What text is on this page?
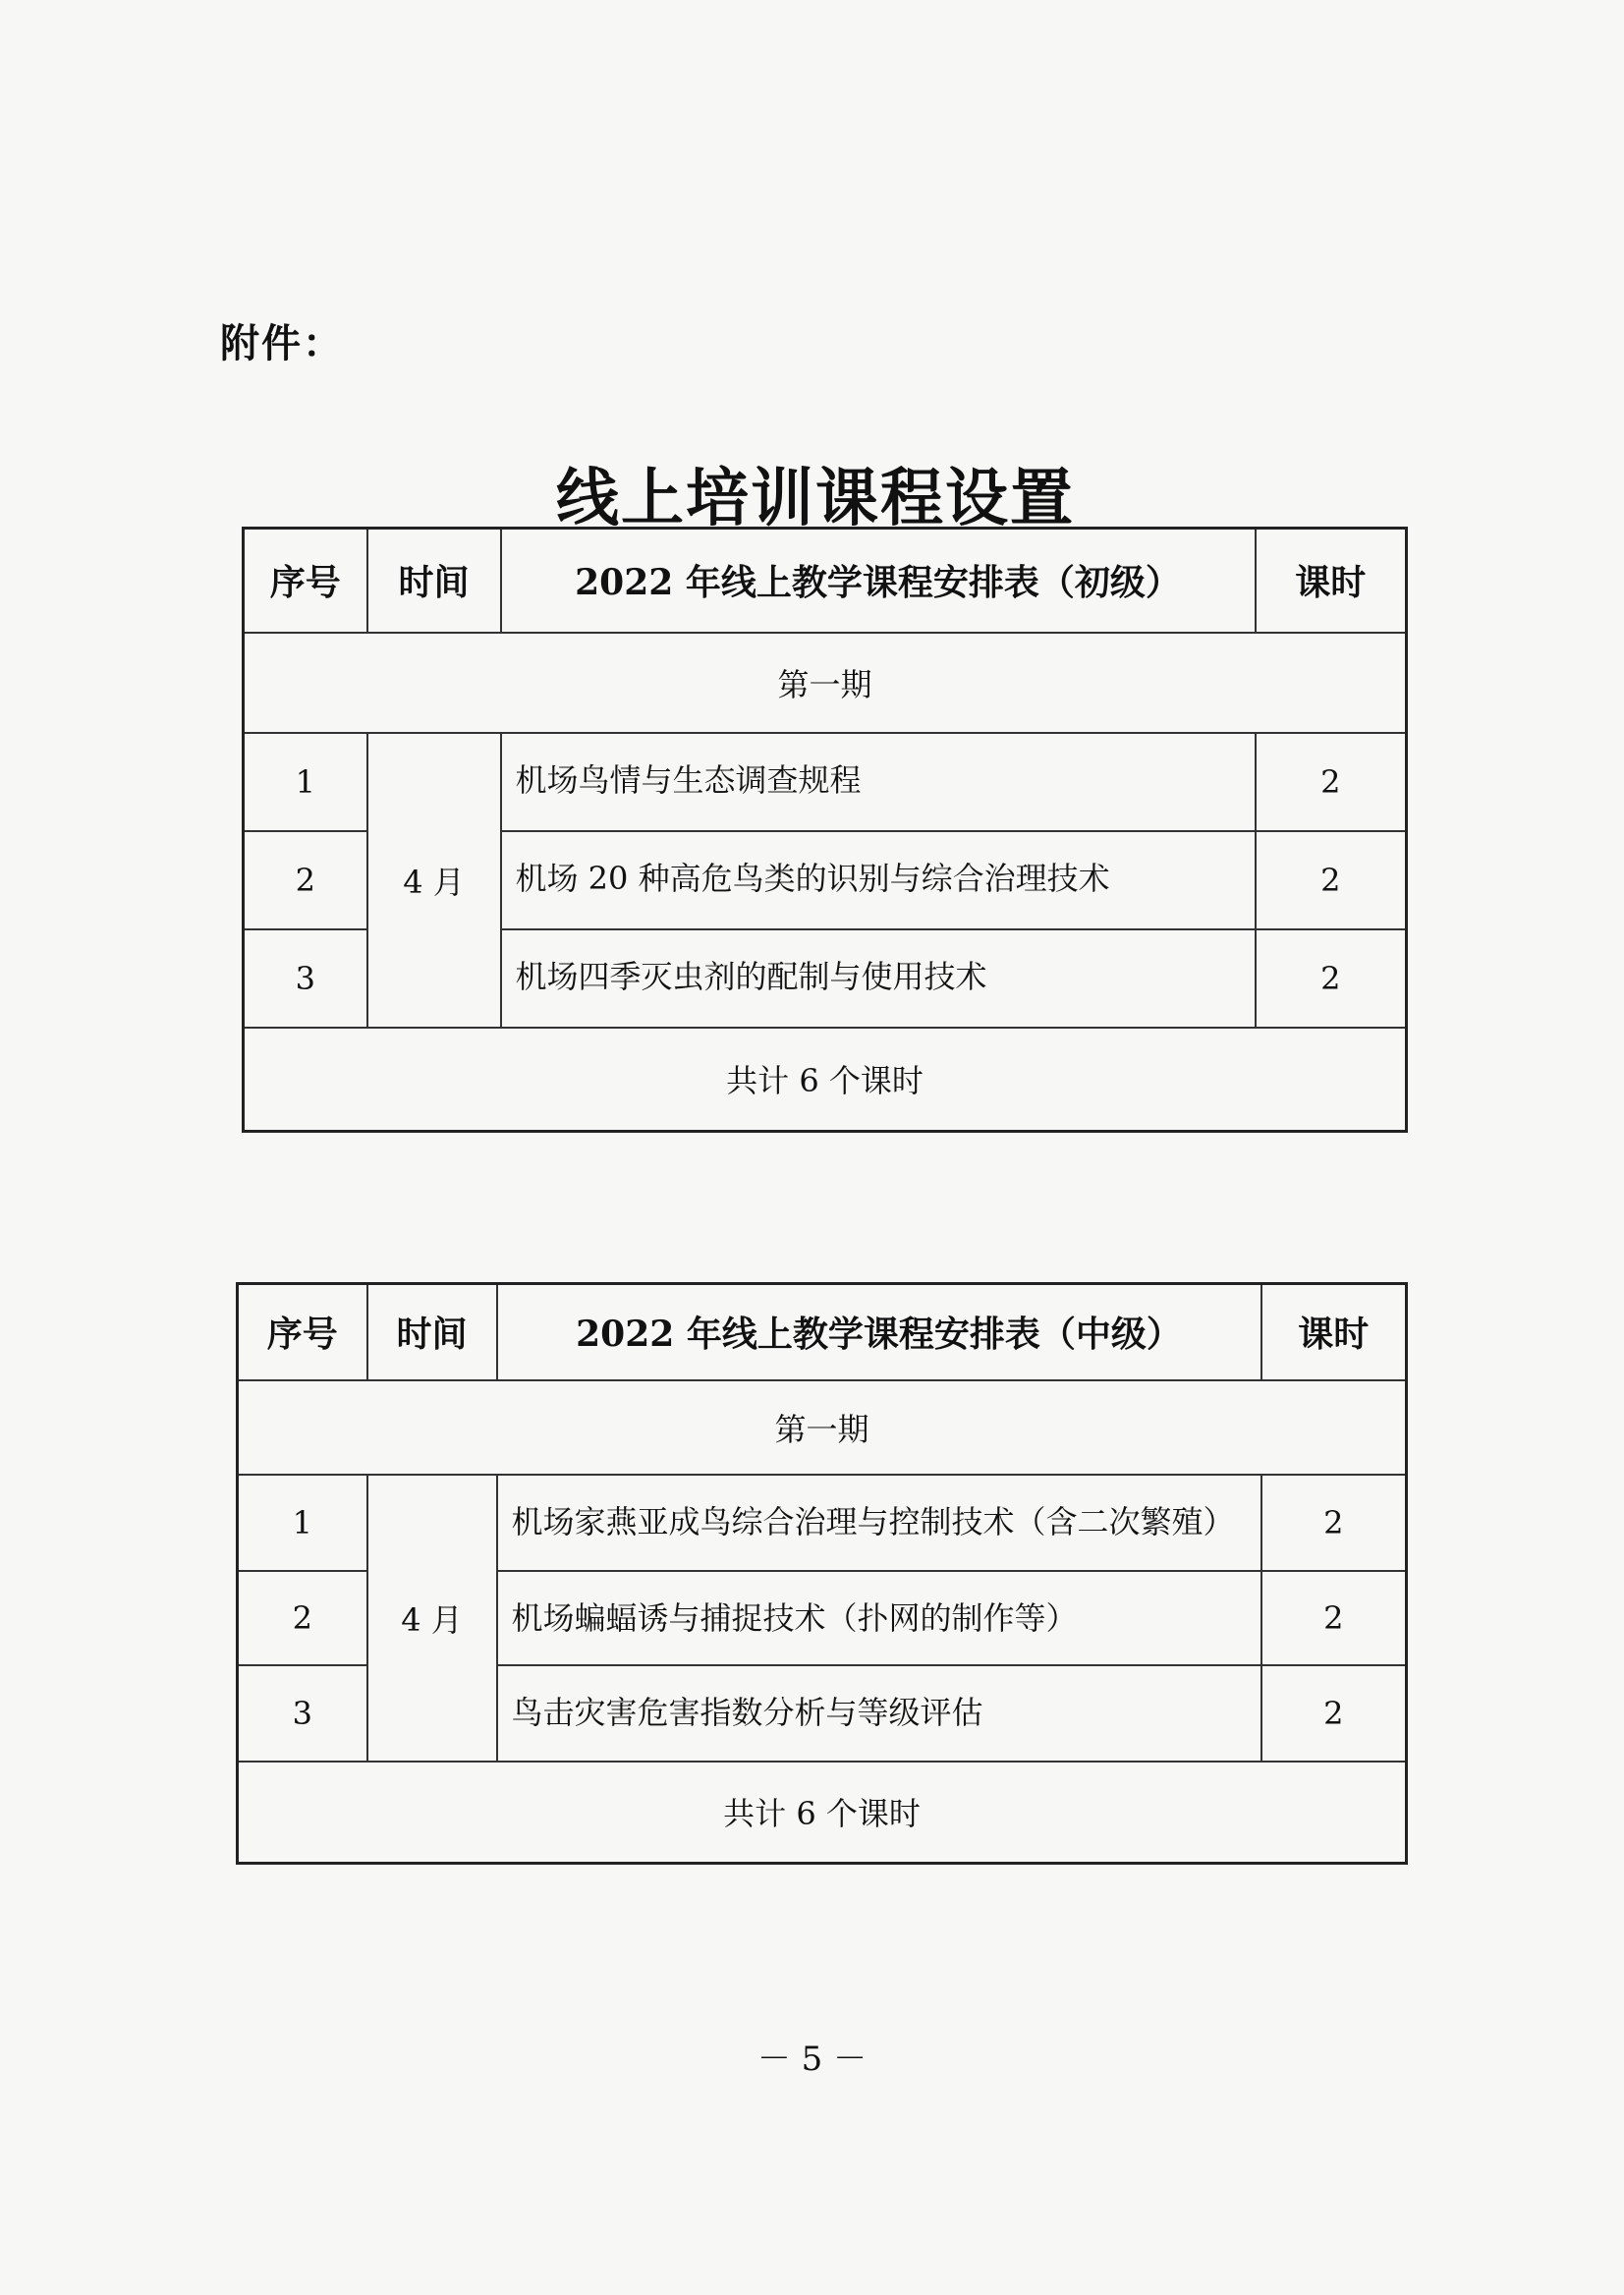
附件：
线上培训课程设置
序号	时间	2022 年线上教学课程安排表（初级）	课时
第一期			
1	4 月	机场鸟情与生态调查规程	2
2		机场 20 种高危鸟类的识别与综合治理技术	2
3		机场四季灭虫剂的配制与使用技术	2
共计 6 个课时			
序号	时间	2022 年线上教学课程安排表（中级）	课时
第一期			
1	4 月	机场家燕亚成鸟综合治理与控制技术（含二次繁殖）	2
2		机场蝙蝠诱与捕捉技术（扑网的制作等）	2
3		鸟击灾害危害指数分析与等级评估	2
共计 6 个课时			
－ 5 －
